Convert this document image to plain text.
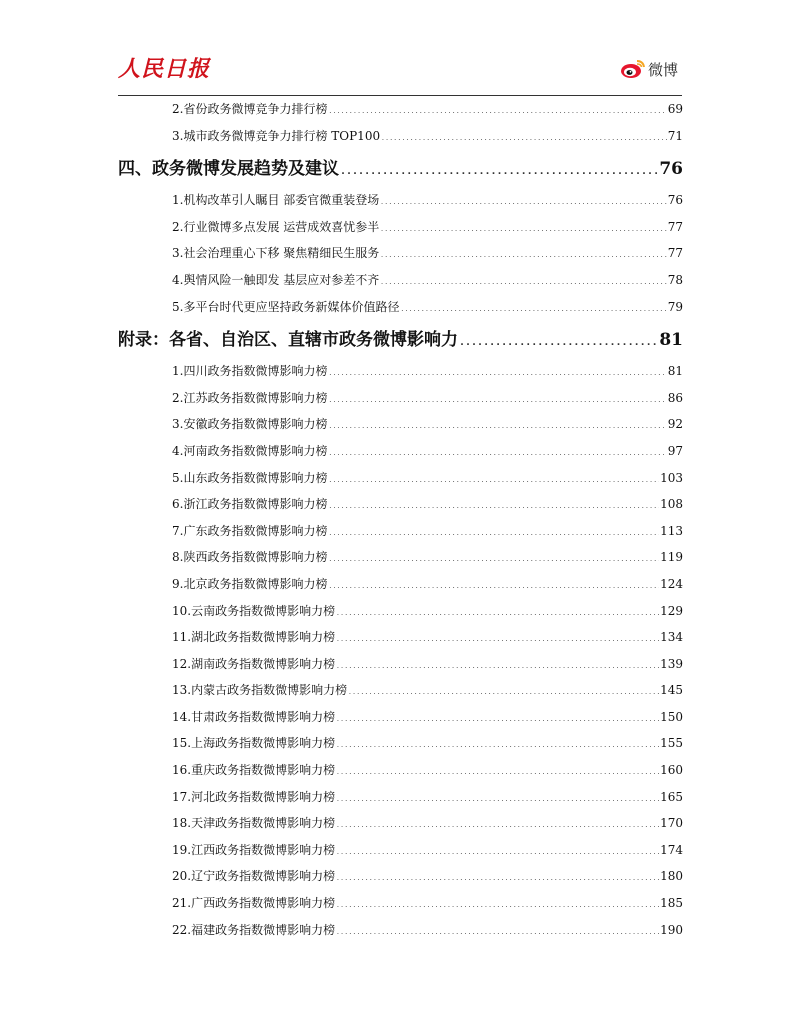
人民日报	微博
2. 省份政务微博竞争力排行榜 .....	69
3. 城市政务微博竞争力排行榜 TOP100 .....	71
四、政务微博发展趋势及建议 .....	76
1. 机构改革引人瞩目 部委官微重装登场 .....	76
2. 行业微博多点发展 运营成效喜忧参半 .....	77
3. 社会治理重心下移 聚焦精细民生服务 .....	77
4. 舆情风险一触即发 基层应对参差不齐 .....	78
5. 多平台时代更应坚持政务新媒体价值路径 .....	79
附录：各省、自治区、直辖市政务微博影响力 .....	81
1. 四川政务指数微博影响力榜 .....	81
2. 江苏政务指数微博影响力榜 .....	86
3. 安徽政务指数微博影响力榜 .....	92
4. 河南政务指数微博影响力榜 .....	97
5. 山东政务指数微博影响力榜 .....	103
6. 浙江政务指数微博影响力榜 .....	108
7. 广东政务指数微博影响力榜 .....	113
8. 陕西政务指数微博影响力榜 .....	119
9. 北京政务指数微博影响力榜 .....	124
10. 云南政务指数微博影响力榜 .....	129
11. 湖北政务指数微博影响力榜 .....	134
12. 湖南政务指数微博影响力榜 .....	139
13. 内蒙古政务指数微博影响力榜 .....	145
14. 甘肃政务指数微博影响力榜 .....	150
15. 上海政务指数微博影响力榜 .....	155
16. 重庆政务指数微博影响力榜 .....	160
17. 河北政务指数微博影响力榜 .....	165
18. 天津政务指数微博影响力榜 .....	170
19. 江西政务指数微博影响力榜 .....	174
20. 辽宁政务指数微博影响力榜 .....	180
21. 广西政务指数微博影响力榜 .....	185
22. 福建政务指数微博影响力榜 .....	190
